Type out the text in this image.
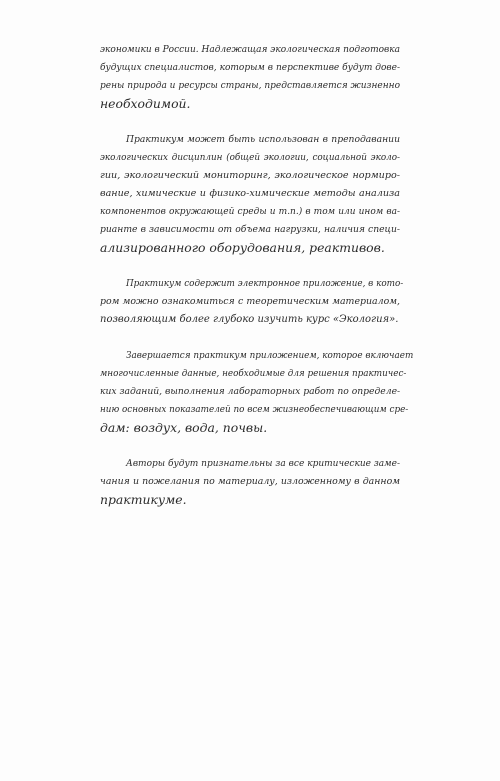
экономики в России. Надлежащая экологическая подготовка
будущих специалистов, которым в перспективе будут дове-
рены природа и ресурсы страны, представляется жизненно
необходимой.
Практикум может быть использован в преподавании
экологических дисциплин (общей экологии, социальной эколо-
гии, экологический мониторинг, экологическое нормиро-
вание, химические и физико-химические методы анализа
компонентов окружающей среды и т.п.) в том или ином ва-
рианте в зависимости от объема нагрузки, наличия специ-
ализированного оборудования, реактивов.
Практикум содержит электронное приложение, в кото-
ром можно ознакомиться с теоретическим материалом,
позволяющим более глубоко изучить курс «Экология».
Завершается практикум приложением, которое включает
многочисленные данные, необходимые для решения практичес-
ких заданий, выполнения лабораторных работ по определе-
нию основных показателей по всем жизнеобеспечивающим сре-
дам: воздух, вода, почвы.
Авторы будут признательны за все критические заме-
чания и пожелания по материалу, изложенному в данном
практикуме.
